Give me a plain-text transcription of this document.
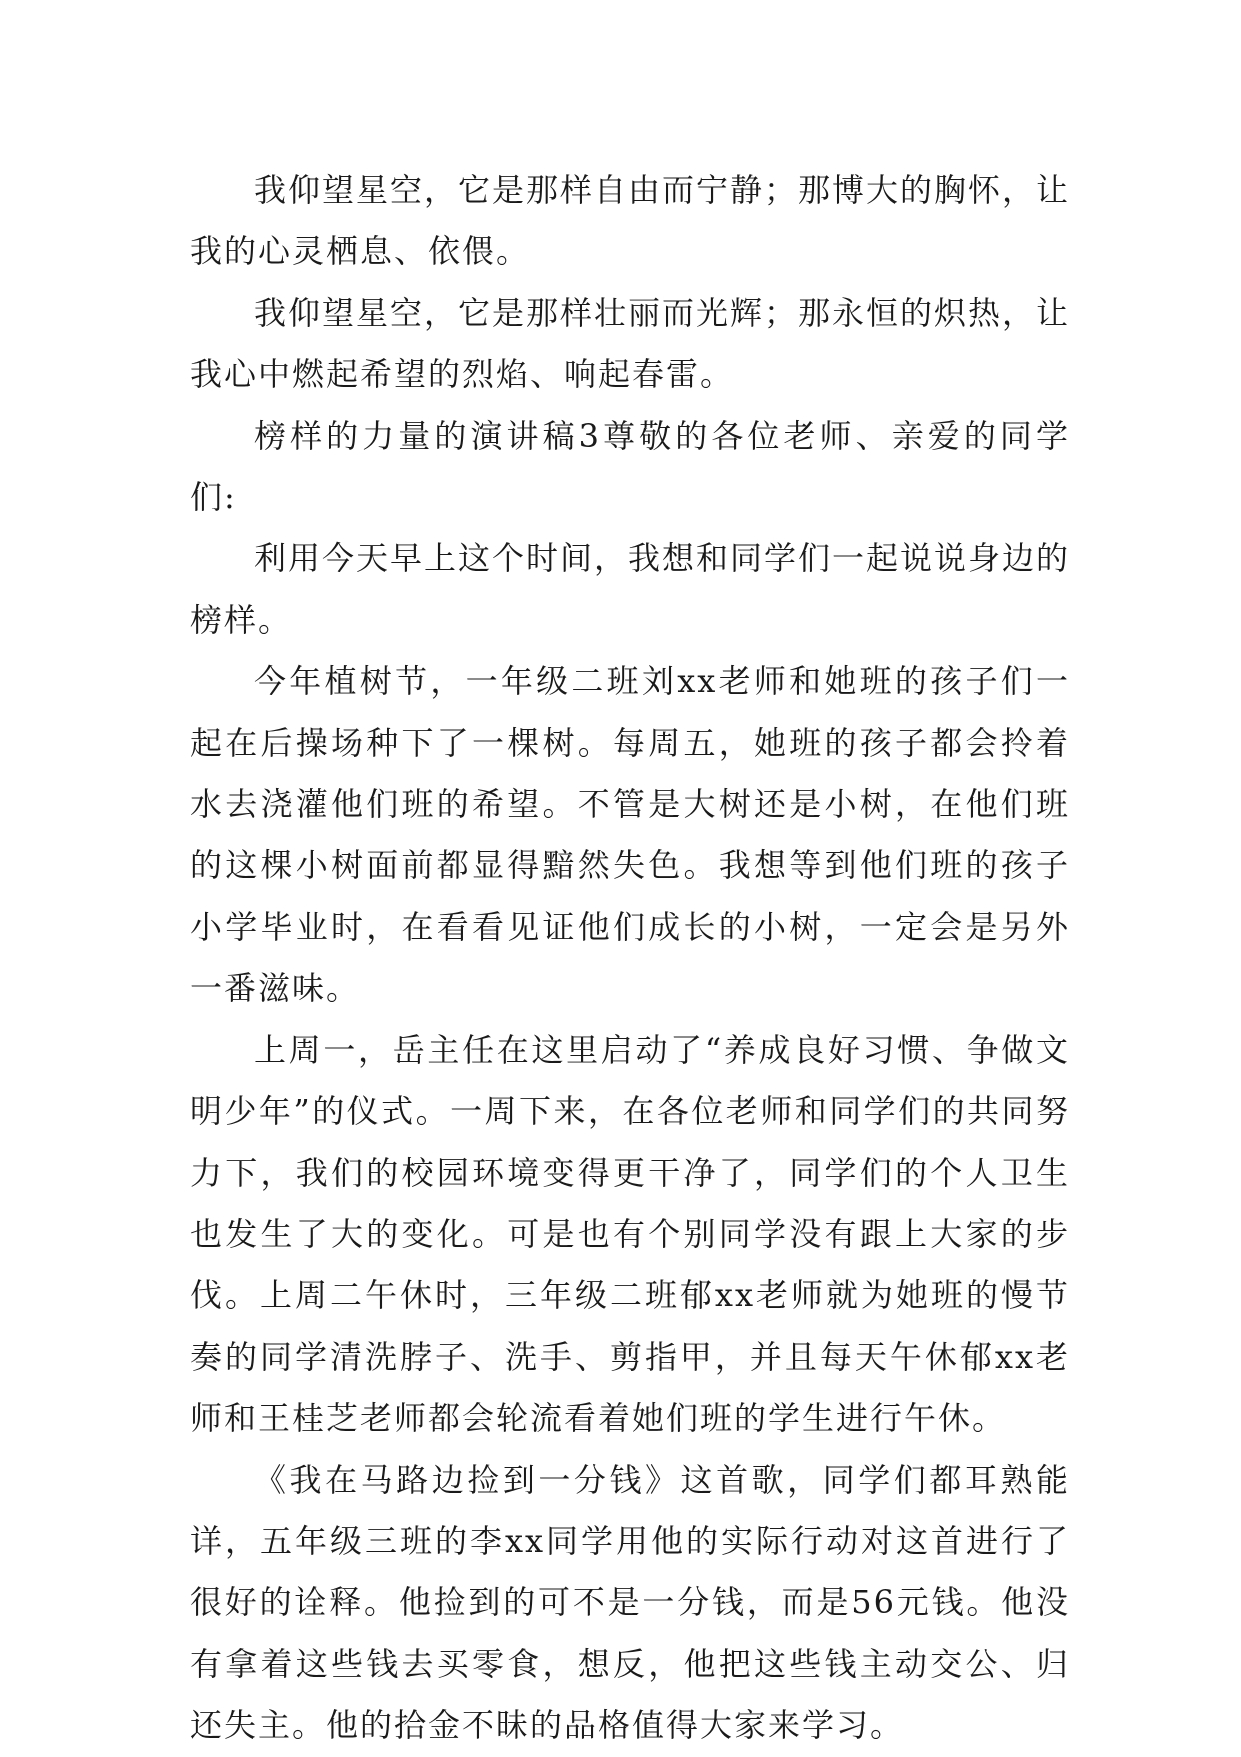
我仰望星空，它是那样自由而宁静；那博大的胸怀，让我的心灵栖息、依偎。

我仰望星空，它是那样壮丽而光辉；那永恒的炽热，让我心中燃起希望的烈焰、响起春雷。

榜样的力量的演讲稿3尊敬的各位老师、亲爱的同学们:

利用今天早上这个时间，我想和同学们一起说说身边的榜样。

今年植树节，一年级二班刘xx老师和她班的孩子们一起在后操场种下了一棵树。每周五，她班的孩子都会拎着水去浇灌他们班的希望。不管是大树还是小树，在他们班的这棵小树面前都显得黯然失色。我想等到他们班的孩子小学毕业时，在看看见证他们成长的小树，一定会是另外一番滋味。

上周一，岳主任在这里启动了“养成良好习惯、争做文明少年”的仪式。一周下来，在各位老师和同学们的共同努力下，我们的校园环境变得更干净了，同学们的个人卫生也发生了大的变化。可是也有个别同学没有跟上大家的步伐。上周二午休时，三年级二班郁xx老师就为她班的慢节奏的同学清洗脖子、洗手、剪指甲，并且每天午休郁xx老师和王桂芝老师都会轮流看着她们班的学生进行午休。

《我在马路边捡到一分钱》这首歌，同学们都耳熟能详，五年级三班的李xx同学用他的实际行动对这首进行了很好的诠释。他捡到的可不是一分钱，而是56元钱。他没有拿着这些钱去买零食，想反，他把这些钱主动交公、归还失主。他的拾金不昧的品格值得大家来学习。
